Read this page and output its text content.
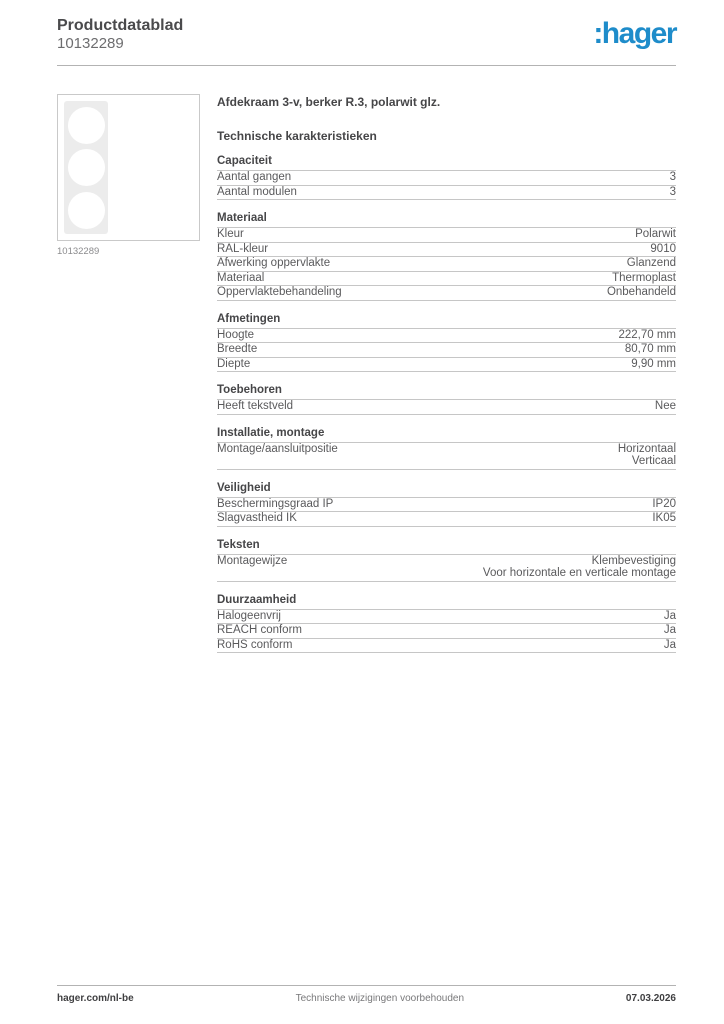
Productdatablad
10132289	:hager
10132289
Afdekraam 3-v, berker R.3, polarwit glz.
Technische karakteristieken
Capaciteit
Aantal gangen	3
Aantal modulen	3
Materiaal
Kleur	Polarwit
RAL-kleur	9010
Afwerking oppervlakte	Glanzend
Materiaal	Thermoplast
Oppervlaktebehandeling	Onbehandeld
Afmetingen
Hoogte	222,70 mm
Breedte	80,70 mm
Diepte	9,90 mm
Toebehoren
Heeft tekstveld	Nee
Installatie, montage
Montage/aansluitpositie	Horizontaal
Verticaal
Veiligheid
Beschermingsgraad IP	IP20
Slagvastheid IK	IK05
Teksten
Montagewijze	Klembevestiging
Voor horizontale en verticale montage
Duurzaamheid
Halogeenvrij	Ja
REACH conform	Ja
RoHS conform	Ja
hager.com/nl-be	Technische wijzigingen voorbehouden	07.03.2026
